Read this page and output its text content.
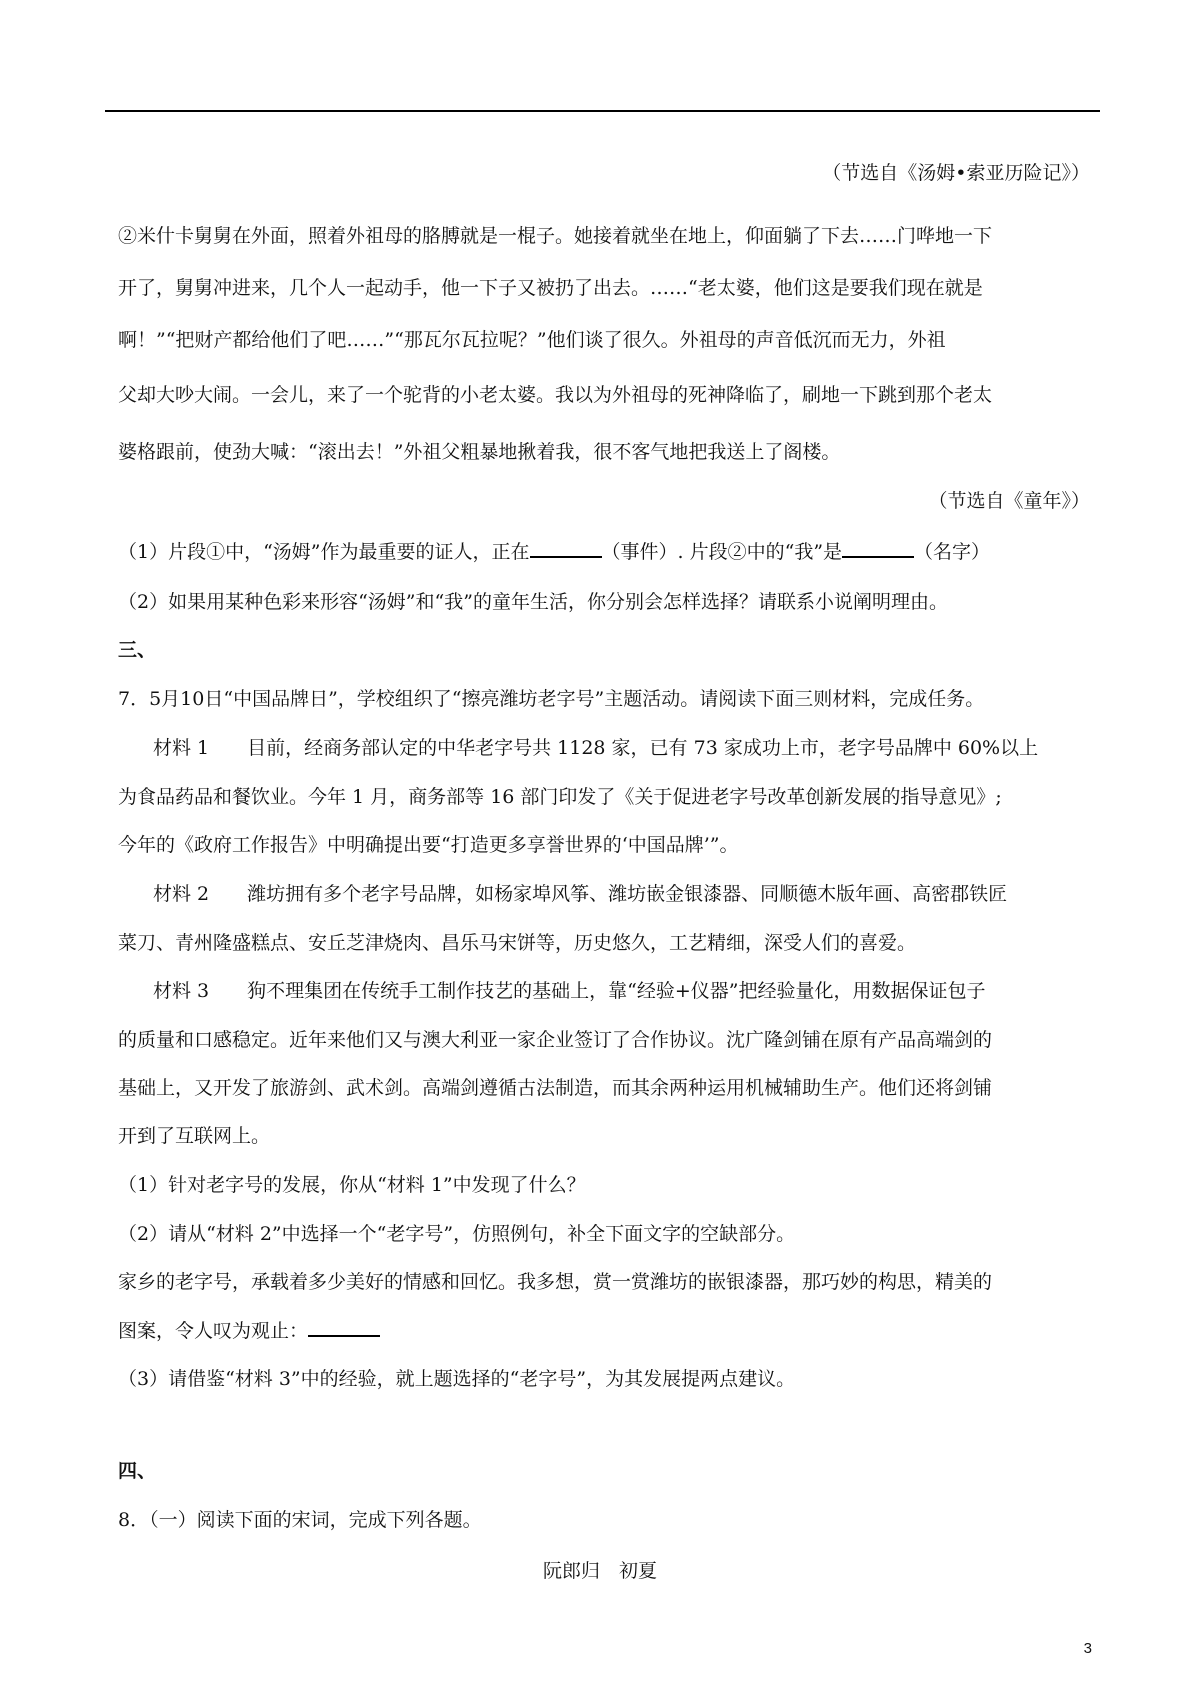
（节选自《汤姆•索亚历险记》）
②米什卡舅舅在外面，照着外祖母的胳膊就是一棍子。她接着就坐在地上，仰面躺了下去……门哗地一下
开了，舅舅冲进来，几个人一起动手，他一下子又被扔了出去。……“老太婆，他们这是要我们现在就是
啊！”“把财产都给他们了吧……”“那瓦尔瓦拉呢？”他们谈了很久。外祖母的声音低沉而无力，外祖
父却大吵大闹。一会儿，来了一个驼背的小老太婆。我以为外祖母的死神降临了，刷地一下跳到那个老太
婆格跟前，使劲大喊：“滚出去！”外祖父粗暴地揪着我，很不客气地把我送上了阁楼。
（节选自《童年》）
（1）片段①中，“汤姆”作为最重要的证人，正在	（事件）. 片段②中的“我”是	（名字）
（2）如果用某种色彩来形容“汤姆”和“我”的童年生活，你分别会怎样选择？请联系小说阐明理由。
三、
7．5月10日“中国品牌日”，学校组织了“擦亮潍坊老字号”主题活动。请阅读下面三则材料，完成任务。
材料 1　　目前，经商务部认定的中华老字号共 1128 家，已有 73 家成功上市，老字号品牌中 60%以上
为食品药品和餐饮业。今年 1 月，商务部等 16 部门印发了《关于促进老字号改革创新发展的指导意见》;
今年的《政府工作报告》中明确提出要“打造更多享誉世界的‘中国品牌’”。
材料 2　　潍坊拥有多个老字号品牌，如杨家埠风筝、潍坊嵌金银漆器、同顺德木版年画、高密郡铁匠
菜刀、青州隆盛糕点、安丘芝津烧肉、昌乐马宋饼等，历史悠久，工艺精细，深受人们的喜爱。
材料 3　　狗不理集团在传统手工制作技艺的基础上，靠“经验+仪器”把经验量化，用数据保证包子
的质量和口感稳定。近年来他们又与澳大利亚一家企业签订了合作协议。沈广隆剑铺在原有产品高端剑的
基础上，又开发了旅游剑、武术剑。高端剑遵循古法制造，而其余两种运用机械辅助生产。他们还将剑铺
开到了互联网上。
（1）针对老字号的发展，你从“材料 1”中发现了什么？
（2）请从“材料 2”中选择一个“老字号”，仿照例句，补全下面文字的空缺部分。
家乡的老字号，承载着多少美好的情感和回忆。我多想，赏一赏潍坊的嵌银漆器，那巧妙的构思，精美的
图案，令人叹为观止：
（3）请借鉴“材料 3”中的经验，就上题选择的“老字号”，为其发展提两点建议。
四、
8．（一）阅读下面的宋词，完成下列各题。
阮郎归　初夏
3
